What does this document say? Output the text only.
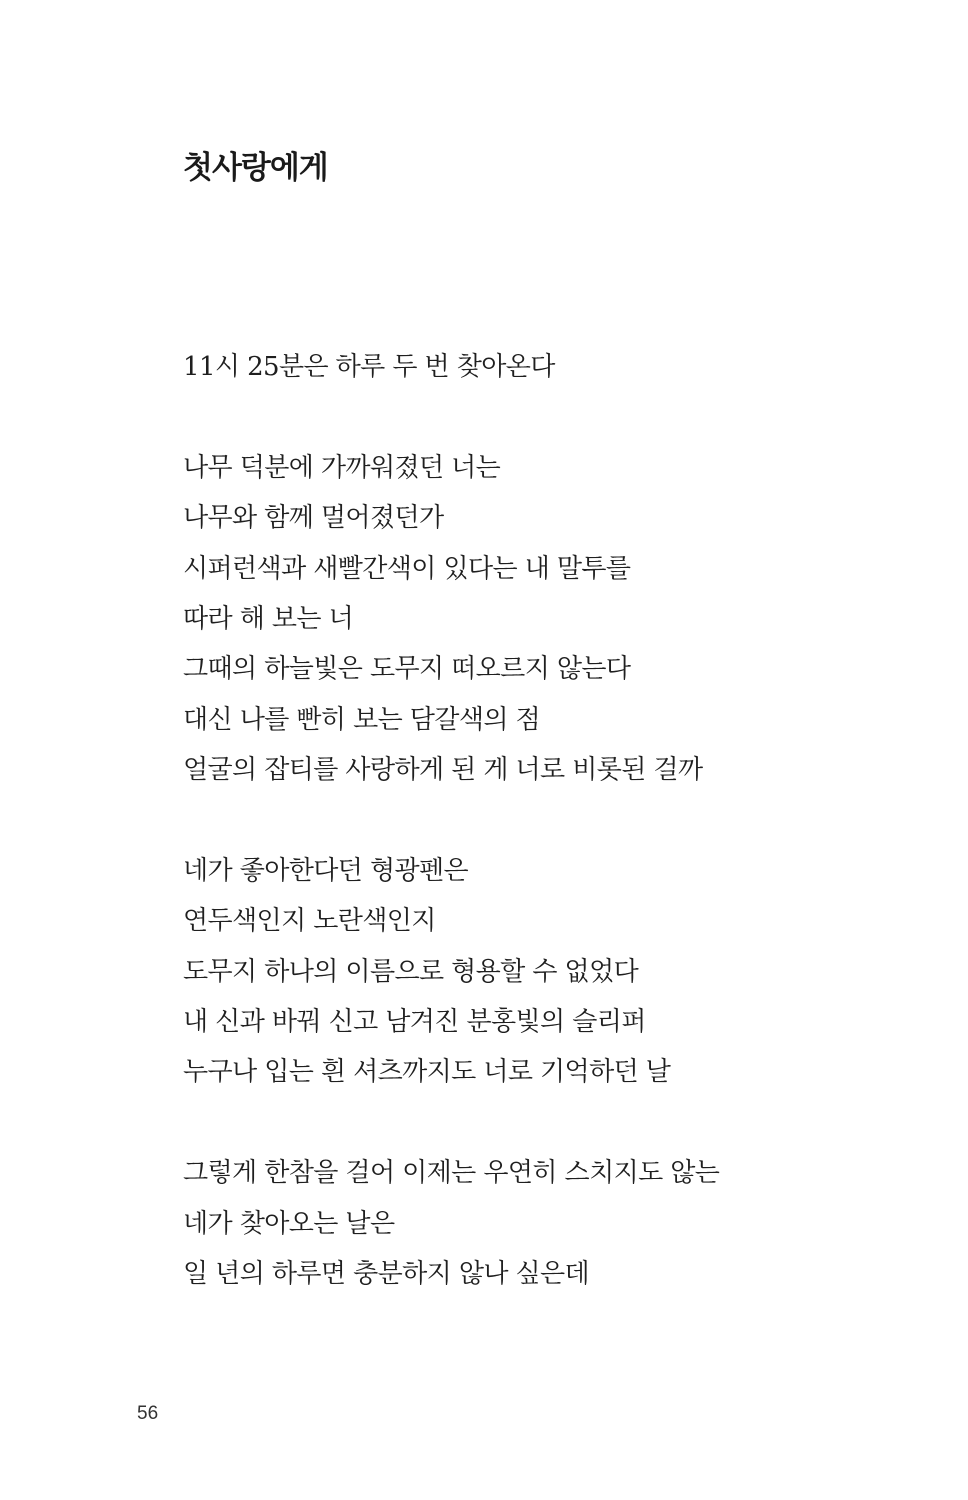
첫사랑에게
11시 25분은 하루 두 번 찾아온다
나무 덕분에 가까워졌던 너는
나무와 함께 멀어졌던가
시퍼런색과 새빨간색이 있다는 내 말투를
따라 해 보는 너
그때의 하늘빛은 도무지 떠오르지 않는다
대신 나를 빤히 보는 담갈색의 점
얼굴의 잡티를 사랑하게 된 게 너로 비롯된 걸까
네가 좋아한다던 형광펜은
연두색인지 노란색인지
도무지 하나의 이름으로 형용할 수 없었다
내 신과 바꿔 신고 남겨진 분홍빛의 슬리퍼
누구나 입는 흰 셔츠까지도 너로 기억하던 날
그렇게 한참을 걸어 이제는 우연히 스치지도 않는
네가 찾아오는 날은
일 년의 하루면 충분하지 않나 싶은데
56
